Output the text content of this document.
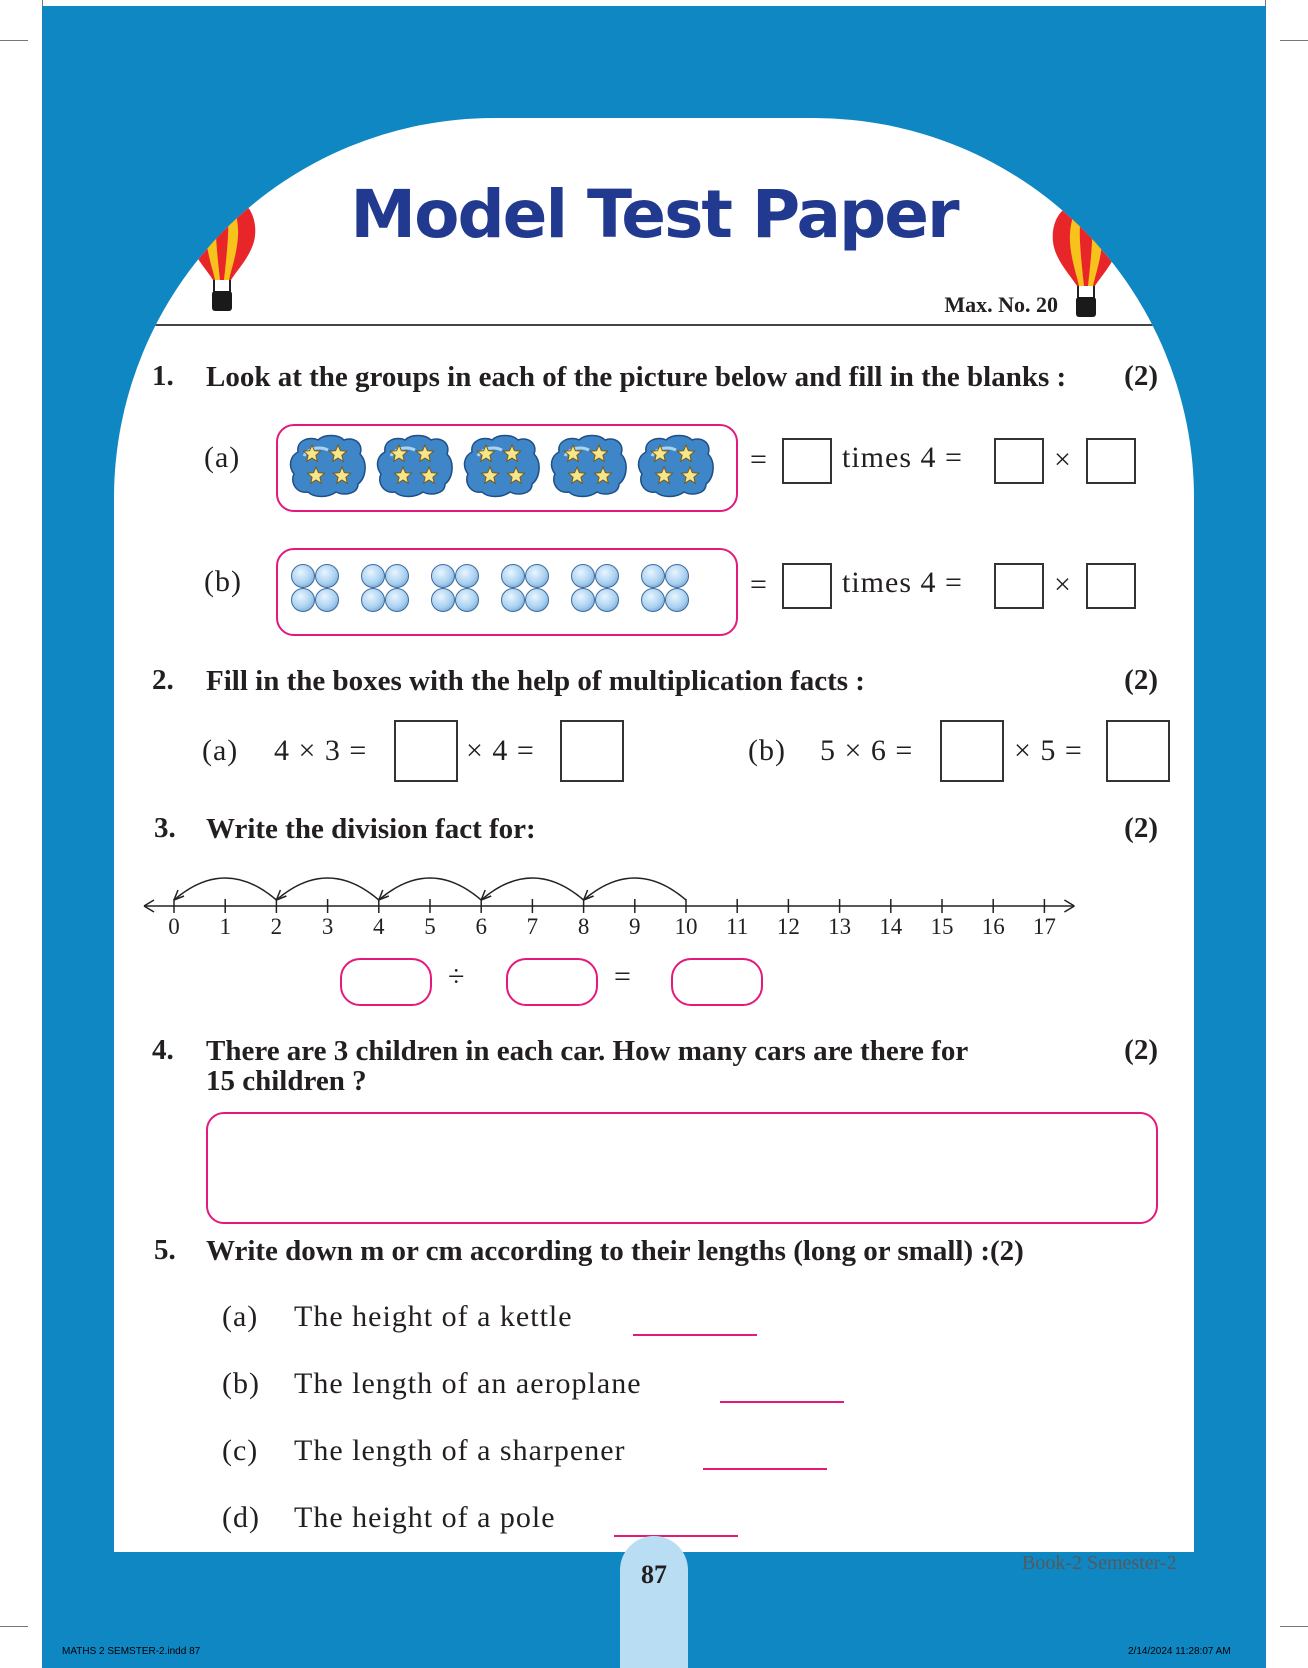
Model Test Paper
Max. No. 20
1. Look at the groups in each of the picture below and fill in the blanks : (2)
(a)	= times 4 =	×
(b)	= times 4 =	×
2. Fill in the boxes with the help of multiplication facts :	(2)
(a) 4 × 3 =	× 4 =	(b) 5 × 6 =	× 5 =
3. Write the division fact for:	(2)
0	1	2	3	4	5	6	7	8	9	10	11	12	13	14	15	16	17
÷	=
4. There are 3 children in each car. How many cars are there for
15 children ?
(2)
5. Write down m or cm according to their lengths (long or small) :(2)
(a) The height of a kettle
(b) The length of an aeroplane
(c) The length of a sharpener
(d) The height of a pole
87	Book-2 Semester-2
MATHS 2 SEMSTER-2.indd 87	2/14/2024 11:28:07 AM
